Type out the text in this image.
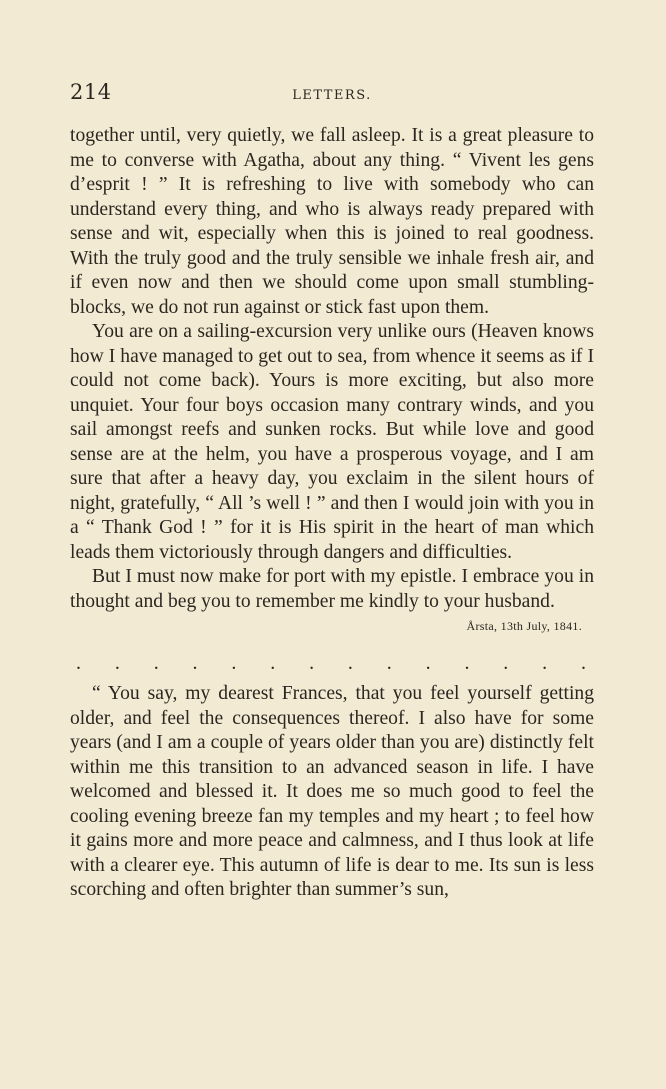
214	LETTERS.

together until, very quietly, we fall asleep. It is a great pleasure to me to converse with Agatha, about any thing. “ Vivent les gens d’esprit ! ” It is refreshing to live with somebody who can understand every thing, and who is always ready prepared with sense and wit, especially when this is joined to real goodness. With the truly good and the truly sensible we inhale fresh air, and if even now and then we should come upon small stumbling-blocks, we do not run against or stick fast upon them.

You are on a sailing-excursion very unlike ours (Heaven knows how I have managed to get out to sea, from whence it seems as if I could not come back). Yours is more exciting, but also more unquiet. Your four boys occasion many contrary winds, and you sail amongst reefs and sunken rocks. But while love and good sense are at the helm, you have a prosperous voyage, and I am sure that after a heavy day, you exclaim in the silent hours of night, gratefully, “ All ’s well ! ” and then I would join with you in a “ Thank God ! ” for it is His spirit in the heart of man which leads them victoriously through dangers and difficulties.

But I must now make for port with my epistle. I embrace you in thought and beg you to remember me kindly to your husband.

Årsta, 13th July, 1841.
. . . . . . . . . . . . . .

“ You say, my dearest Frances, that you feel yourself getting older, and feel the consequences thereof. I also have for some years (and I am a couple of years older than you are) distinctly felt within me this transition to an advanced season in life. I have welcomed and blessed it. It does me so much good to feel the cooling evening breeze fan my temples and my heart ; to feel how it gains more and more peace and calmness, and I thus look at life with a clearer eye. This autumn of life is dear to me. Its sun is less scorching and often brighter than summer’s sun,
